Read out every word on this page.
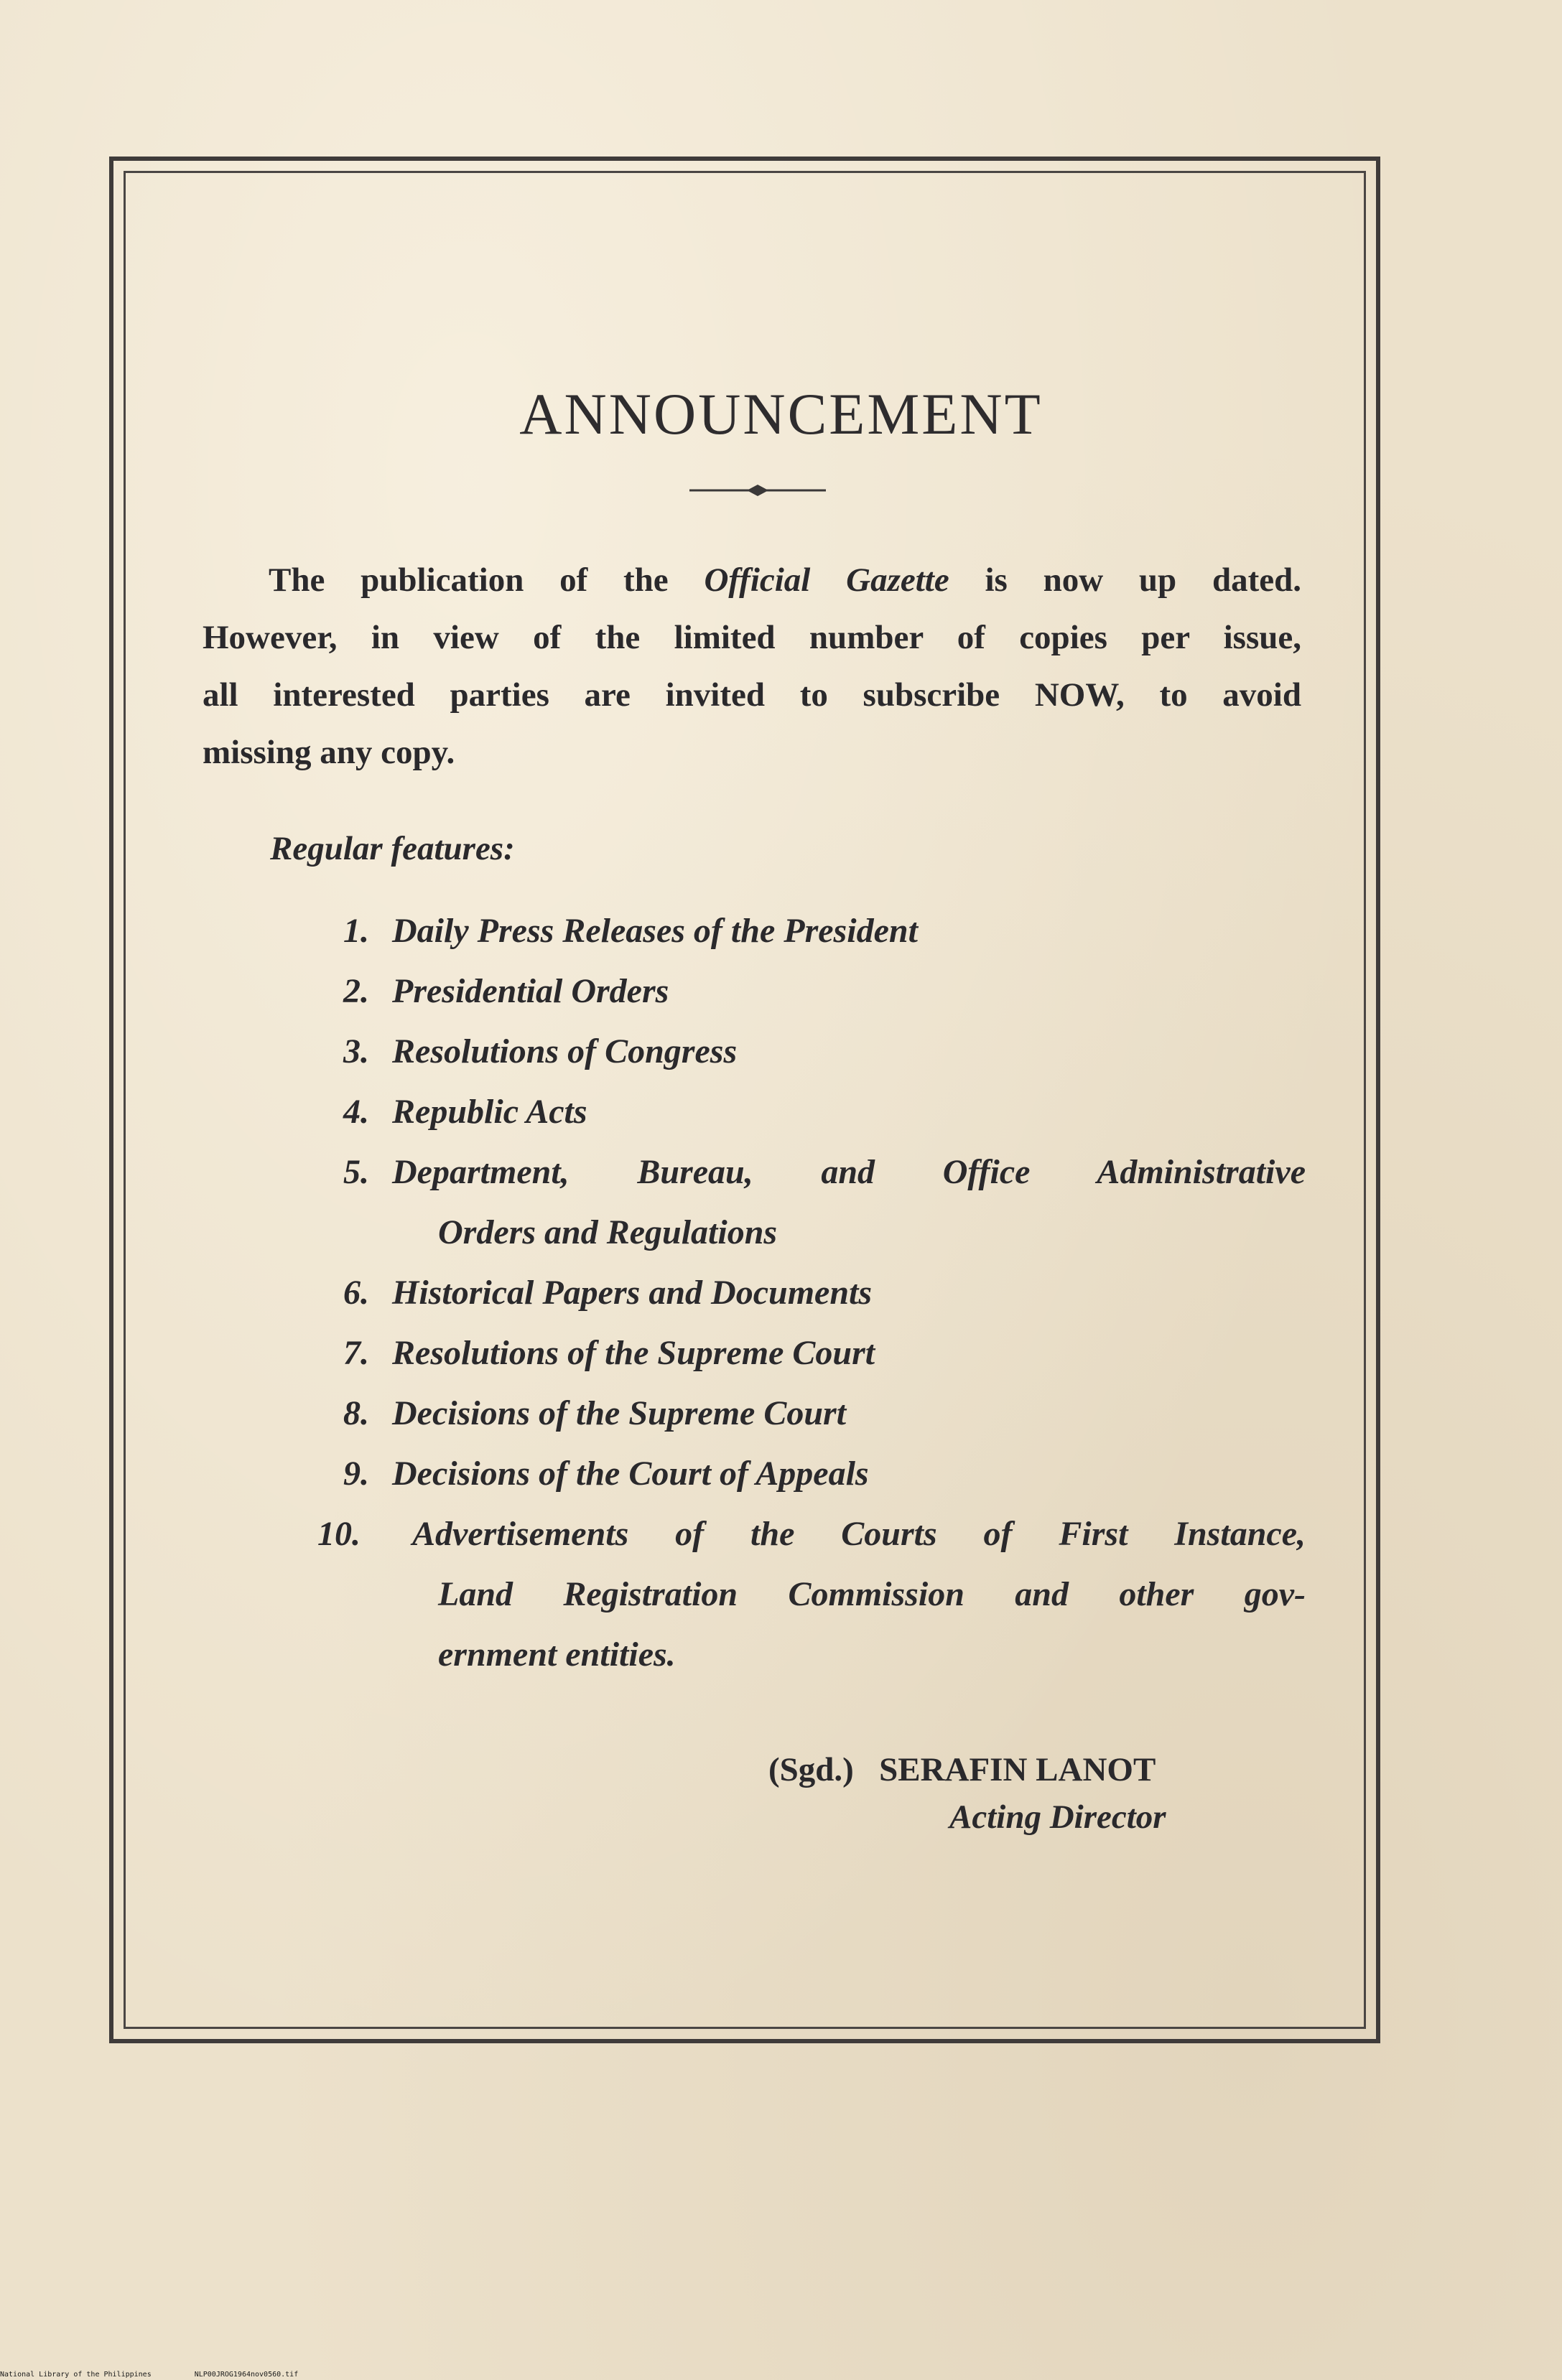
ANNOUNCEMENT
The publication of the Official Gazette is now up dated.
However, in view of the limited number of copies per issue,
all interested parties are invited to subscribe NOW, to avoid
missing any copy.

Regular features:

1. Daily Press Releases of the President
2. Presidential Orders
3. Resolutions of Congress
4. Republic Acts
5. Department, Bureau, and Office Administrative
Orders and Regulations
6. Historical Papers and Documents
7. Resolutions of the Supreme Court
8. Decisions of the Supreme Court
9. Decisions of the Court of Appeals
10. Advertisements of the Courts of First Instance,
Land Registration Commission and other gov-
ernment entities.
(Sgd.) SERAFIN LANOT
Acting Director
National Library of the Philippines	NLP00JROG1964nov0560.tif
